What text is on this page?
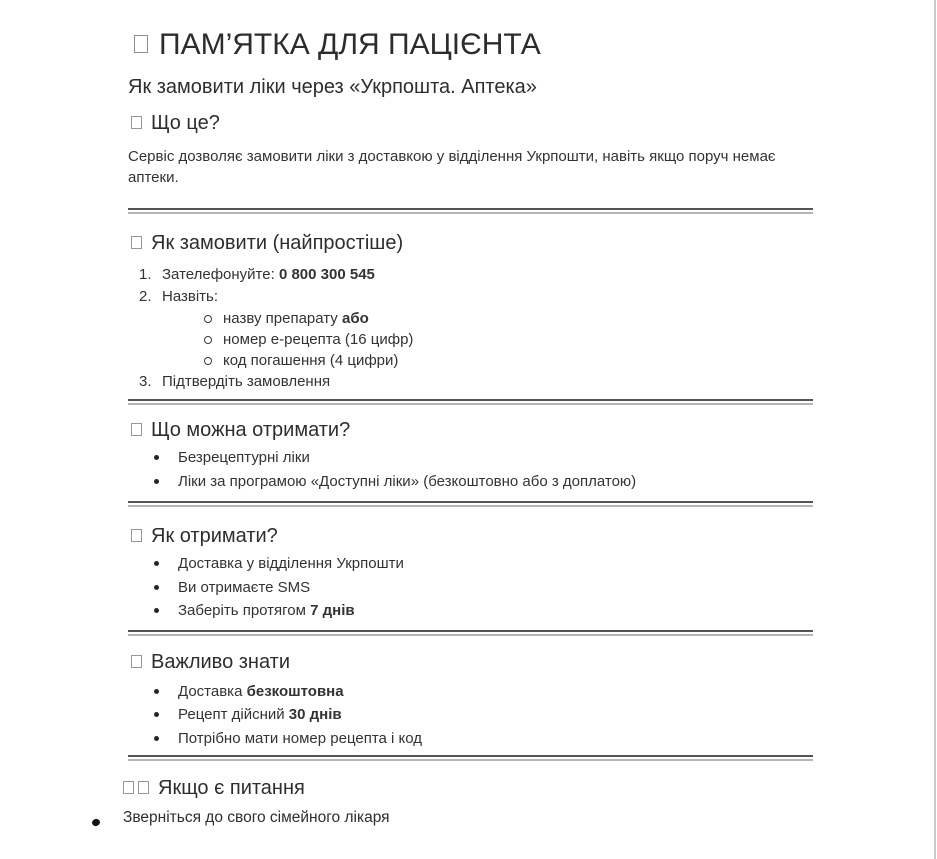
ПАМ’ЯТКА ДЛЯ ПАЦІЄНТА
Як замовити ліки через «Укрпошта. Аптека»
Що це?

Сервіс дозволяє замовити ліки з доставкою у відділення Укрпошти, навіть якщо поруч немає аптеки.

Як замовити (найпростіше)
1. Зателефонуйте: 0 800 300 545
2. Назвіть:
назву препарату або
номер е-рецепта (16 цифр)
код погашення (4 цифри)
3. Підтвердіть замовлення
Що можна отримати?
Безрецептурні ліки
Ліки за програмою «Доступні ліки» (безкоштовно або з доплатою)
Як отримати?
Доставка у відділення Укрпошти
Ви отримаєте SMS
Заберіть протягом 7 днів
Важливо знати
Доставка безкоштовна
Рецепт дійсний 30 днів
Потрібно мати номер рецепта і код
Якщо є питання
Зверніться до свого сімейного лікаря
